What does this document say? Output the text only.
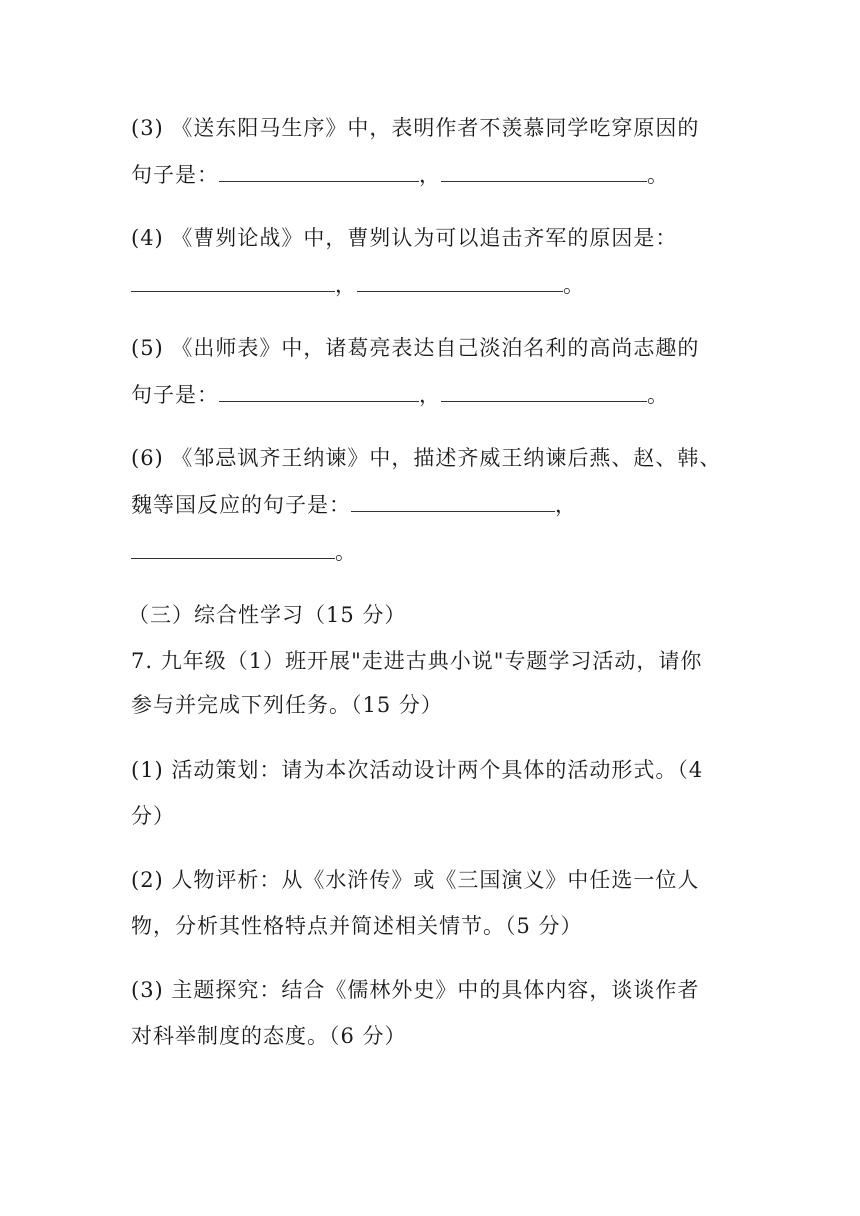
(3) 《送东阳马生序》中，表明作者不羡慕同学吃穿原因的
句子是：	，	。
(4) 《曹刿论战》中，曹刿认为可以追击齐军的原因是：
，	。
(5) 《出师表》中，诸葛亮表达自己淡泊名利的高尚志趣的
句子是：	，	。
(6) 《邹忌讽齐王纳谏》中，描述齐威王纳谏后燕、赵、韩、
魏等国反应的句子是：	，
。
（三）综合性学习（15 分）
7. 九年级（1）班开展"走进古典小说"专题学习活动，请你
参与并完成下列任务。（15 分）
(1) 活动策划：请为本次活动设计两个具体的活动形式。（4
分）
(2) 人物评析：从《水浒传》或《三国演义》中任选一位人
物，分析其性格特点并简述相关情节。（5 分）
(3) 主题探究：结合《儒林外史》中的具体内容，谈谈作者
对科举制度的态度。（6 分）
